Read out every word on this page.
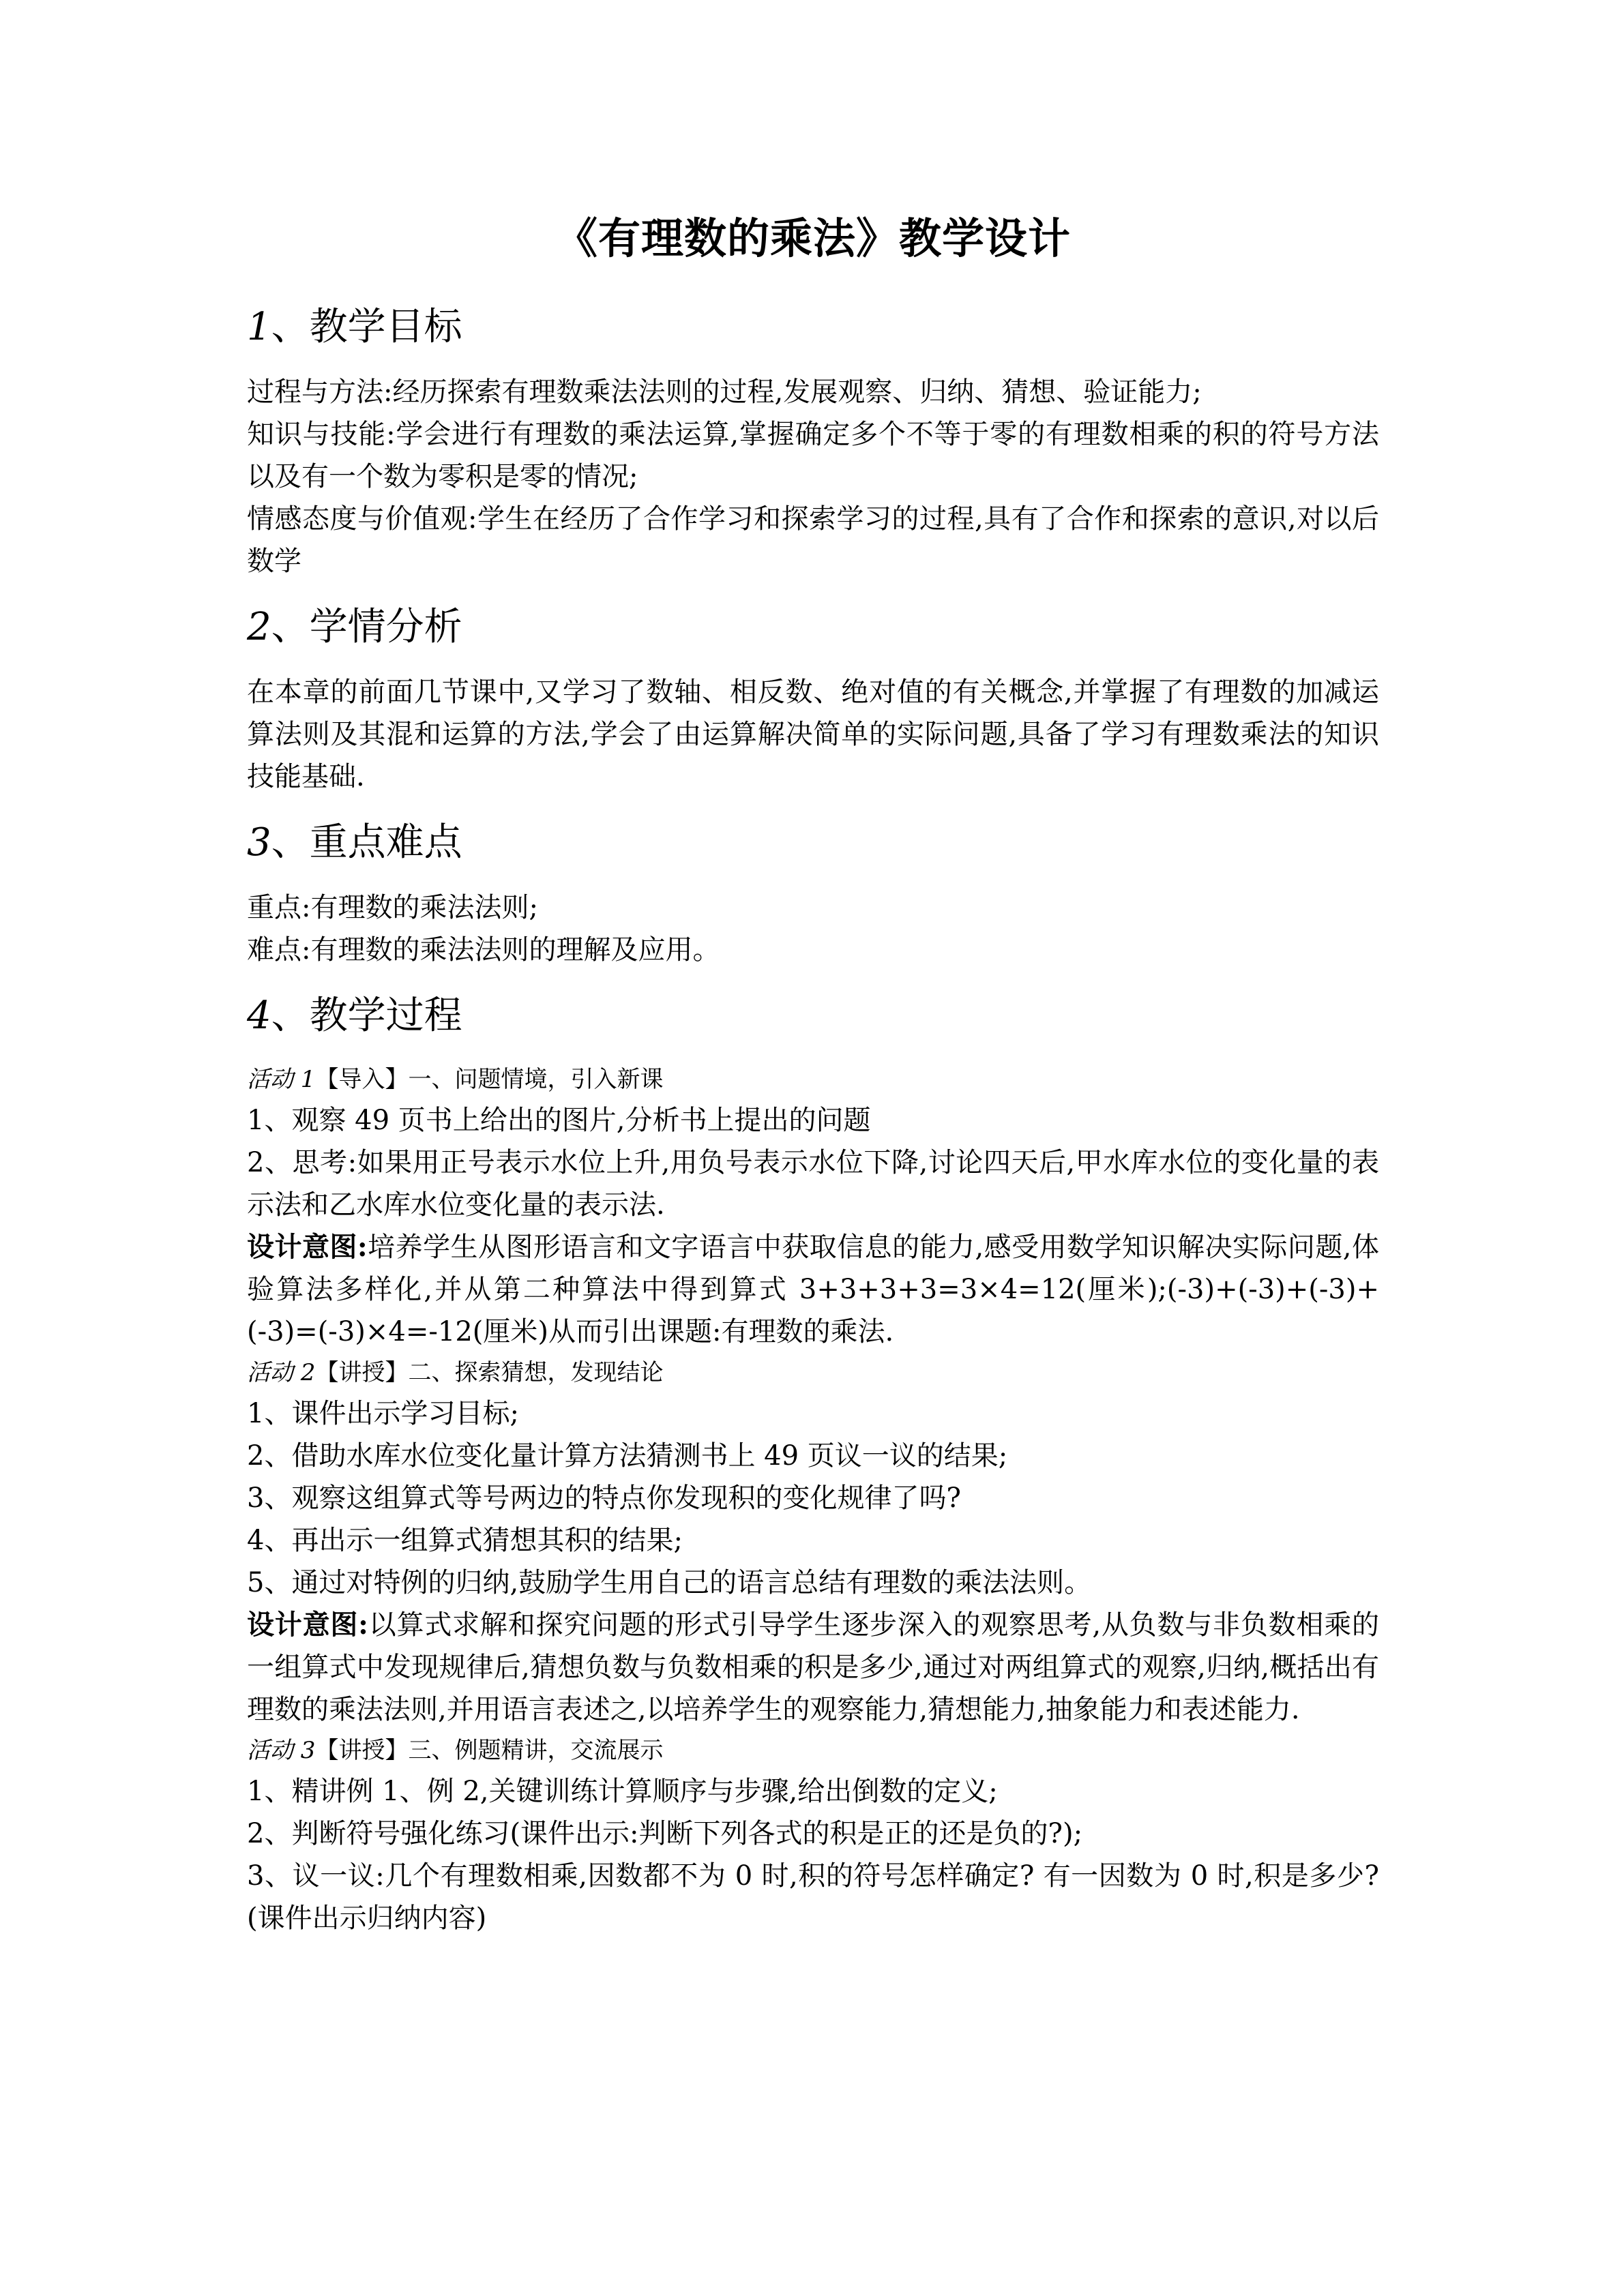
《有理数的乘法》教学设计
1、教学目标

过程与方法:经历探索有理数乘法法则的过程,发展观察、归纳、猜想、验证能力;

知识与技能:学会进行有理数的乘法运算,掌握确定多个不等于零的有理数相乘的积的符号方法以及有一个数为零积是零的情况;

情感态度与价值观:学生在经历了合作学习和探索学习的过程,具有了合作和探索的意识,对以后数学

2、学情分析

在本章的前面几节课中,又学习了数轴、相反数、绝对值的有关概念,并掌握了有理数的加减运算法则及其混和运算的方法,学会了由运算解决简单的实际问题,具备了学习有理数乘法的知识技能基础.

3、重点难点

重点:有理数的乘法法则;

难点:有理数的乘法法则的理解及应用。

4、教学过程

活动 1【导入】一、问题情境，引入新课

1、观察 49 页书上给出的图片,分析书上提出的问题

2、思考:如果用正号表示水位上升,用负号表示水位下降,讨论四天后,甲水库水位的变化量的表示法和乙水库水位变化量的表示法.

设计意图:培养学生从图形语言和文字语言中获取信息的能力,感受用数学知识解决实际问题,体验算法多样化,并从第二种算法中得到算式 3+3+3+3=3×4=12(厘米);(-3)+(-3)+(-3)+(-3)=(-3)×4=-12(厘米)从而引出课题:有理数的乘法.

活动 2【讲授】二、探索猜想，发现结论

1、课件出示学习目标;

2、借助水库水位变化量计算方法猜测书上 49 页议一议的结果;

3、观察这组算式等号两边的特点你发现积的变化规律了吗?

4、再出示一组算式猜想其积的结果;

5、通过对特例的归纳,鼓励学生用自己的语言总结有理数的乘法法则。

设计意图:以算式求解和探究问题的形式引导学生逐步深入的观察思考,从负数与非负数相乘的一组算式中发现规律后,猜想负数与负数相乘的积是多少,通过对两组算式的观察,归纳,概括出有理数的乘法法则,并用语言表述之,以培养学生的观察能力,猜想能力,抽象能力和表述能力.

活动 3【讲授】三、例题精讲，交流展示

1、精讲例 1、例 2,关键训练计算顺序与步骤,给出倒数的定义;

2、判断符号强化练习(课件出示:判断下列各式的积是正的还是负的?);

3、议一议:几个有理数相乘,因数都不为 0 时,积的符号怎样确定? 有一因数为 0 时,积是多少?(课件出示归纳内容)
